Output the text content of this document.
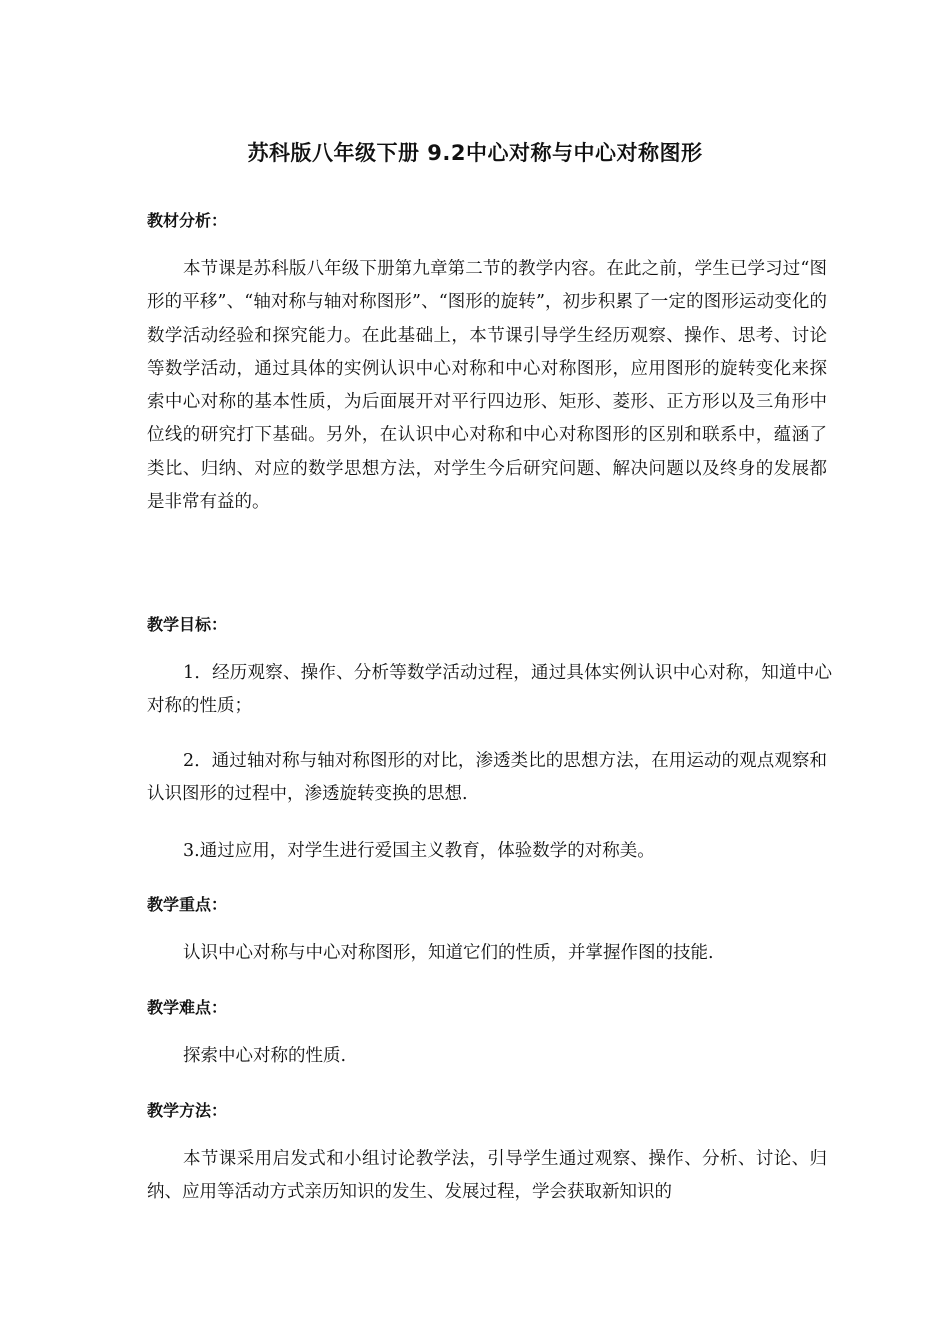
苏科版八年级下册 9.2中心对称与中心对称图形
教材分析：

本节课是苏科版八年级下册第九章第二节的教学内容。在此之前，学生已学习过“图形的平移”、“轴对称与轴对称图形”、“图形的旋转”，初步积累了一定的图形运动变化的数学活动经验和探究能力。在此基础上，本节课引导学生经历观察、操作、思考、讨论等数学活动，通过具体的实例认识中心对称和中心对称图形，应用图形的旋转变化来探索中心对称的基本性质，为后面展开对平行四边形、矩形、菱形、正方形以及三角形中位线的研究打下基础。另外，在认识中心对称和中心对称图形的区别和联系中，蕴涵了类比、归纳、对应的数学思想方法，对学生今后研究问题、解决问题以及终身的发展都是非常有益的。

教学目标：

1．经历观察、操作、分析等数学活动过程，通过具体实例认识中心对称，知道中心对称的性质；

2．通过轴对称与轴对称图形的对比，渗透类比的思想方法，在用运动的观点观察和认识图形的过程中，渗透旋转变换的思想.

3.通过应用，对学生进行爱国主义教育，体验数学的对称美。

教学重点：

认识中心对称与中心对称图形，知道它们的性质，并掌握作图的技能.

教学难点：

探索中心对称的性质.

教学方法：

本节课采用启发式和小组讨论教学法，引导学生通过观察、操作、分析、讨论、归纳、应用等活动方式亲历知识的发生、发展过程，学会获取新知识的
